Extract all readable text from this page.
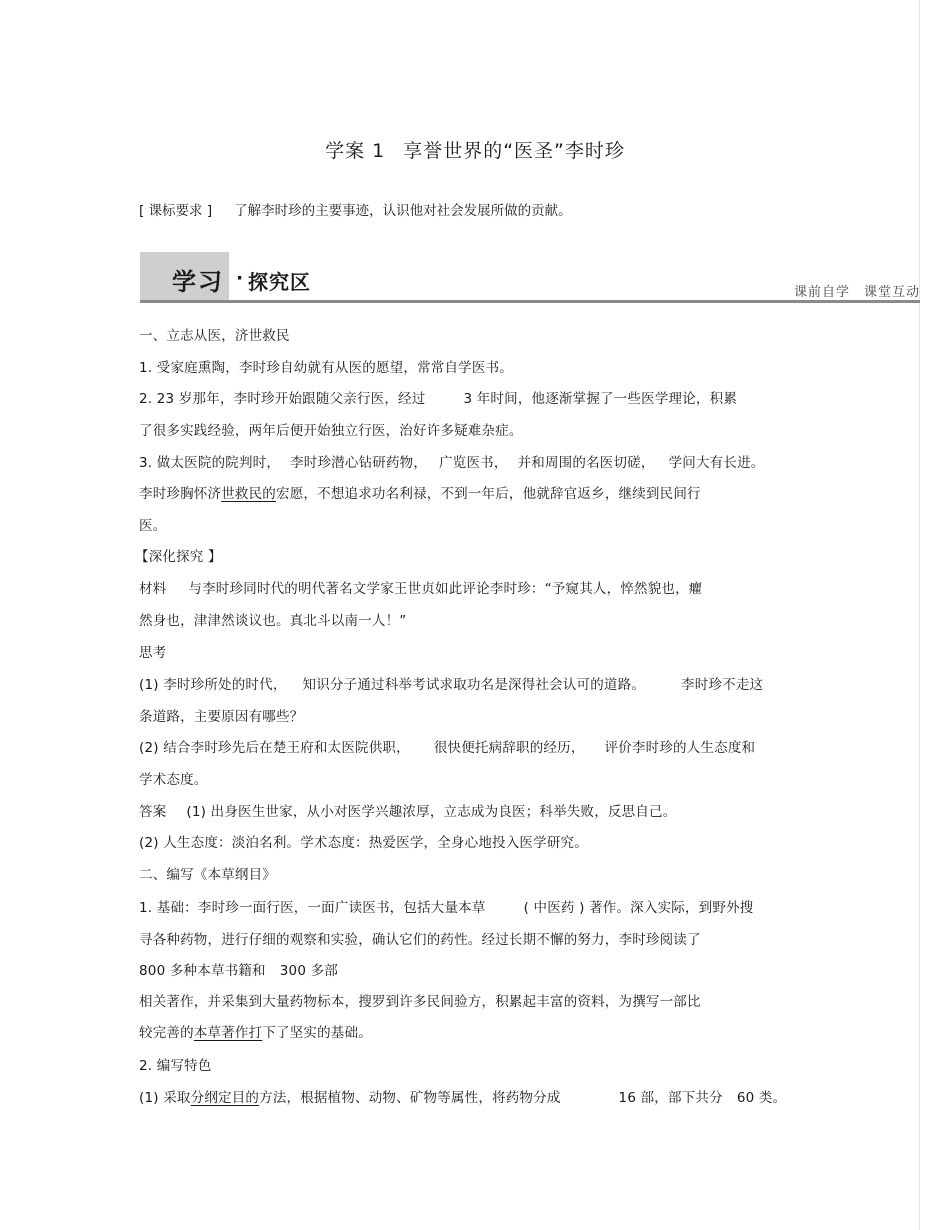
学案 1 享誉世界的“医圣”李时珍
[ 课标要求 ] 了解李时珍的主要事迹，认识他对社会发展所做的贡献。
学习 · 探究区	课前自学 课堂互动
一、立志从医，济世救民
1. 受家庭熏陶，李时珍自幼就有从医的愿望，常常自学医书。
2. 23 岁那年，李时珍开始跟随父亲行医，经过	3 年时间，他逐渐掌握了一些医学理论，积累
了很多实践经验，两年后便开始独立行医，治好许多疑难杂症。
3. 做太医院的院判时， 李时珍潜心钻研药物， 广览医书， 并和周围的名医切磋， 学问大有长进。
李时珍胸怀济世救民的宏愿，不想追求功名利禄，不到一年后，他就辞官返乡，继续到民间行
医。
【深化探究 】
材料 与李时珍同时代的明代著名文学家王世贞如此评论李时珍：“予窥其人，悴然貌也，癯
然身也，津津然谈议也。真北斗以南一人！”
思考
(1) 李时珍所处的时代， 知识分子通过科举考试求取功名是深得社会认可的道路。	李时珍不走这
条道路，主要原因有哪些？
(2) 结合李时珍先后在楚王府和太医院供职， 很快便托病辞职的经历， 评价李时珍的人生态度和
学术态度。
答案 (1) 出身医生世家，从小对医学兴趣浓厚，立志成为良医；科举失败，反思自己。
(2) 人生态度：淡泊名利。学术态度：热爱医学，全身心地投入医学研究。
二、编写《本草纲目》
1. 基础：李时珍一面行医，一面广读医书，包括大量本草	( 中医药 ) 著作。深入实际，到野外搜
寻各种药物，进行仔细的观察和实验，确认它们的药性。经过长期不懈的努力，李时珍阅读了
800 多种本草书籍和 300 多部
相关著作，并采集到大量药物标本，搜罗到许多民间验方，积累起丰富的资料，为撰写一部比
较完善的本草著作打下了坚实的基础。
2. 编写特色
(1) 采取分纲定目的方法，根据植物、动物、矿物等属性，将药物分成	16 部，部下共分 60 类。
